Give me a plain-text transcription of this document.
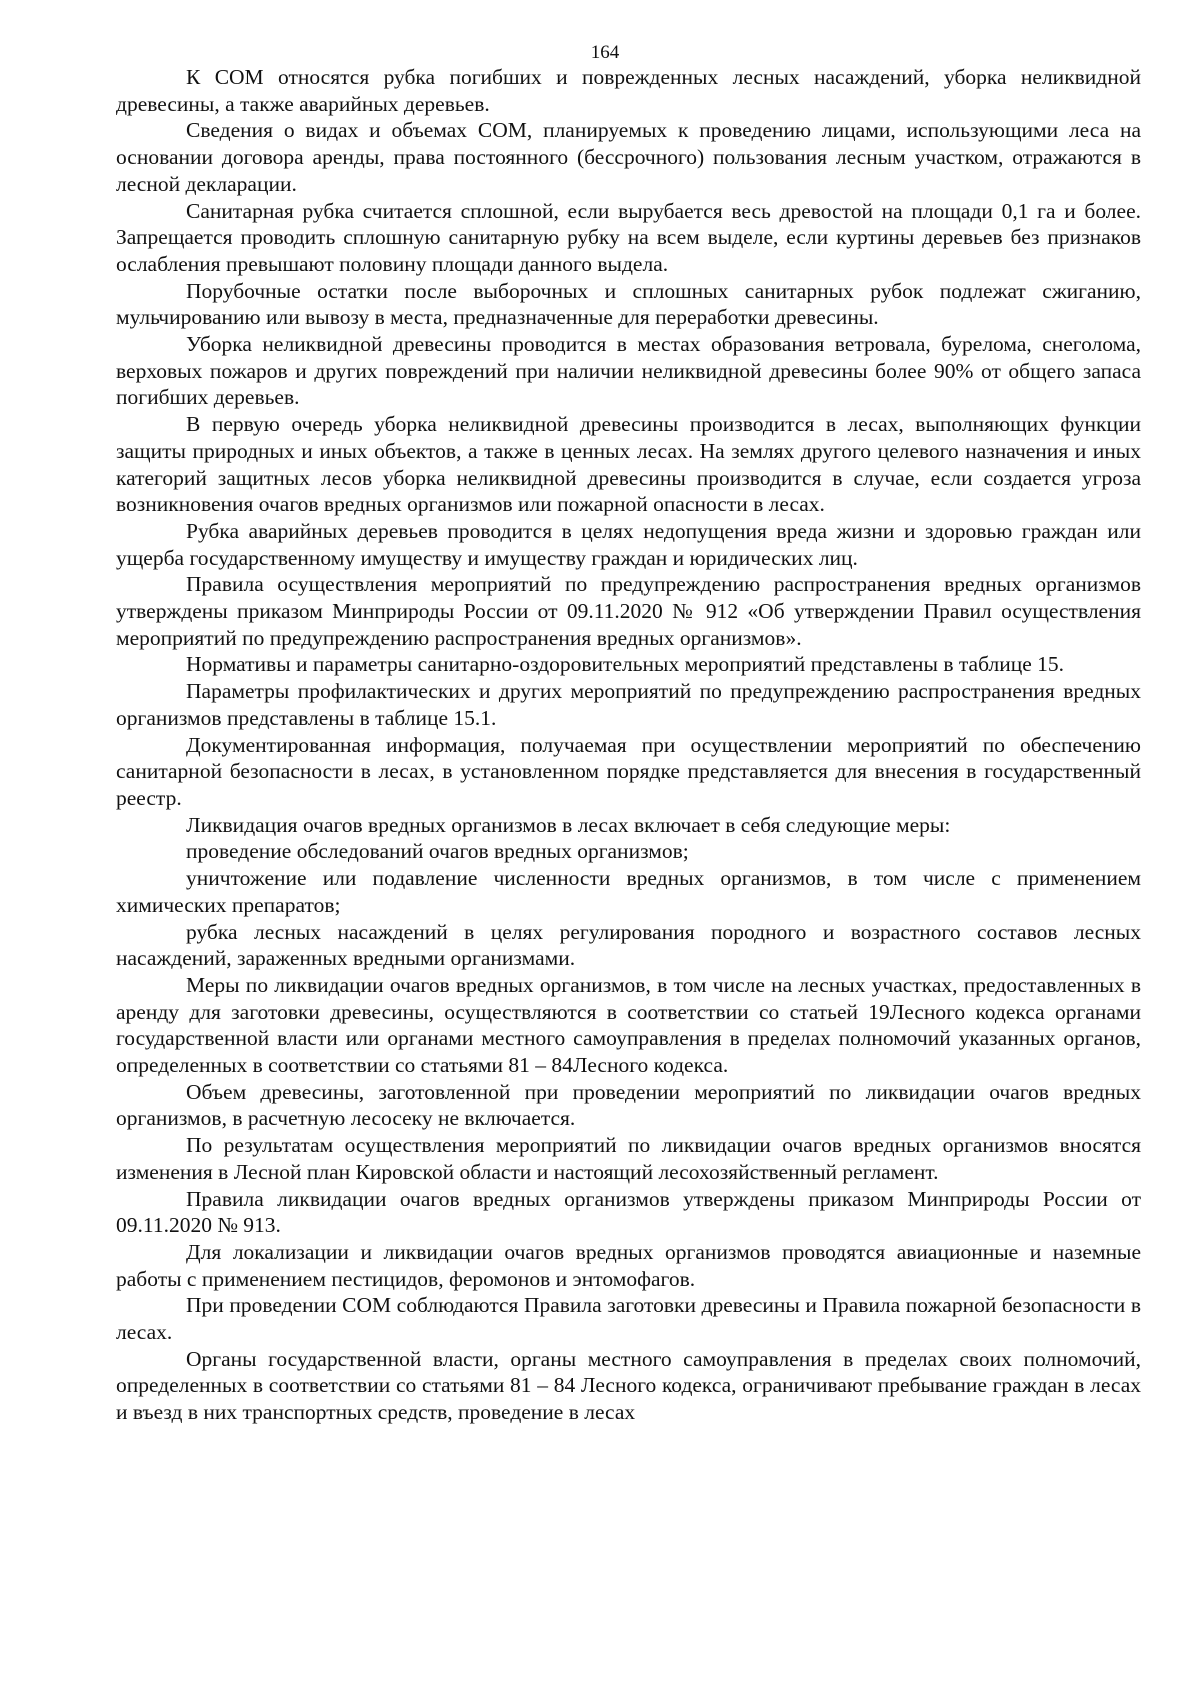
164

К СОМ относятся рубка погибших и поврежденных лесных насаждений, уборка неликвидной древесины, а также аварийных деревьев.

Сведения о видах и объемах СОМ, планируемых к проведению лицами, использующими леса на основании договора аренды, права постоянного (бессрочного) пользования лесным участком, отражаются в лесной декларации.

Санитарная рубка считается сплошной, если вырубается весь древостой на площади 0,1 га и более. Запрещается проводить сплошную санитарную рубку на всем выделе, если куртины деревьев без признаков ослабления превышают половину площади данного выдела.

Порубочные остатки после выборочных и сплошных санитарных рубок подлежат сжиганию, мульчированию или вывозу в места, предназначенные для переработки древесины.

Уборка неликвидной древесины проводится в местах образования ветровала, бурелома, снеголома, верховых пожаров и других повреждений при наличии неликвидной древесины более 90% от общего запаса погибших деревьев.

В первую очередь уборка неликвидной древесины производится в лесах, выполняющих функции защиты природных и иных объектов, а также в ценных лесах. На землях другого целевого назначения и иных категорий защитных лесов уборка неликвидной древесины производится в случае, если создается угроза возникновения очагов вредных организмов или пожарной опасности в лесах.

Рубка аварийных деревьев проводится в целях недопущения вреда жизни и здоровью граждан или ущерба государственному имуществу и имуществу граждан и юридических лиц.

Правила осуществления мероприятий по предупреждению распространения вредных организмов утверждены приказом Минприроды России от 09.11.2020 № 912 «Об утверждении Правил осуществления мероприятий по предупреждению распространения вредных организмов».

Нормативы и параметры санитарно-оздоровительных мероприятий представлены в таблице 15.

Параметры профилактических и других мероприятий по предупреждению распространения вредных организмов представлены в таблице 15.1.

Документированная информация, получаемая при осуществлении мероприятий по обеспечению санитарной безопасности в лесах, в установленном порядке представляется для внесения в государственный реестр.

Ликвидация очагов вредных организмов в лесах включает в себя следующие меры:

проведение обследований очагов вредных организмов;

уничтожение или подавление численности вредных организмов, в том числе с применением химических препаратов;

рубка лесных насаждений в целях регулирования породного и возрастного составов лесных насаждений, зараженных вредными организмами.

Меры по ликвидации очагов вредных организмов, в том числе на лесных участках, предоставленных в аренду для заготовки древесины, осуществляются в соответствии со статьей 19Лесного кодекса органами государственной власти или органами местного самоуправления в пределах полномочий указанных органов, определенных в соответствии со статьями 81 – 84Лесного кодекса.

Объем древесины, заготовленной при проведении мероприятий по ликвидации очагов вредных организмов, в расчетную лесосеку не включается.

По результатам осуществления мероприятий по ликвидации очагов вредных организмов вносятся изменения в Лесной план Кировской области и настоящий лесохозяйственный регламент.

Правила ликвидации очагов вредных организмов утверждены приказом Минприроды России от 09.11.2020 № 913.

Для локализации и ликвидации очагов вредных организмов проводятся авиационные и наземные работы с применением пестицидов, феромонов и энтомофагов.

При проведении СОМ соблюдаются Правила заготовки древесины и Правила пожарной безопасности в лесах.

Органы государственной власти, органы местного самоуправления в пределах своих полномочий, определенных в соответствии со статьями 81 – 84 Лесного кодекса, ограничивают пребывание граждан в лесах и въезд в них транспортных средств, проведение в лесах
